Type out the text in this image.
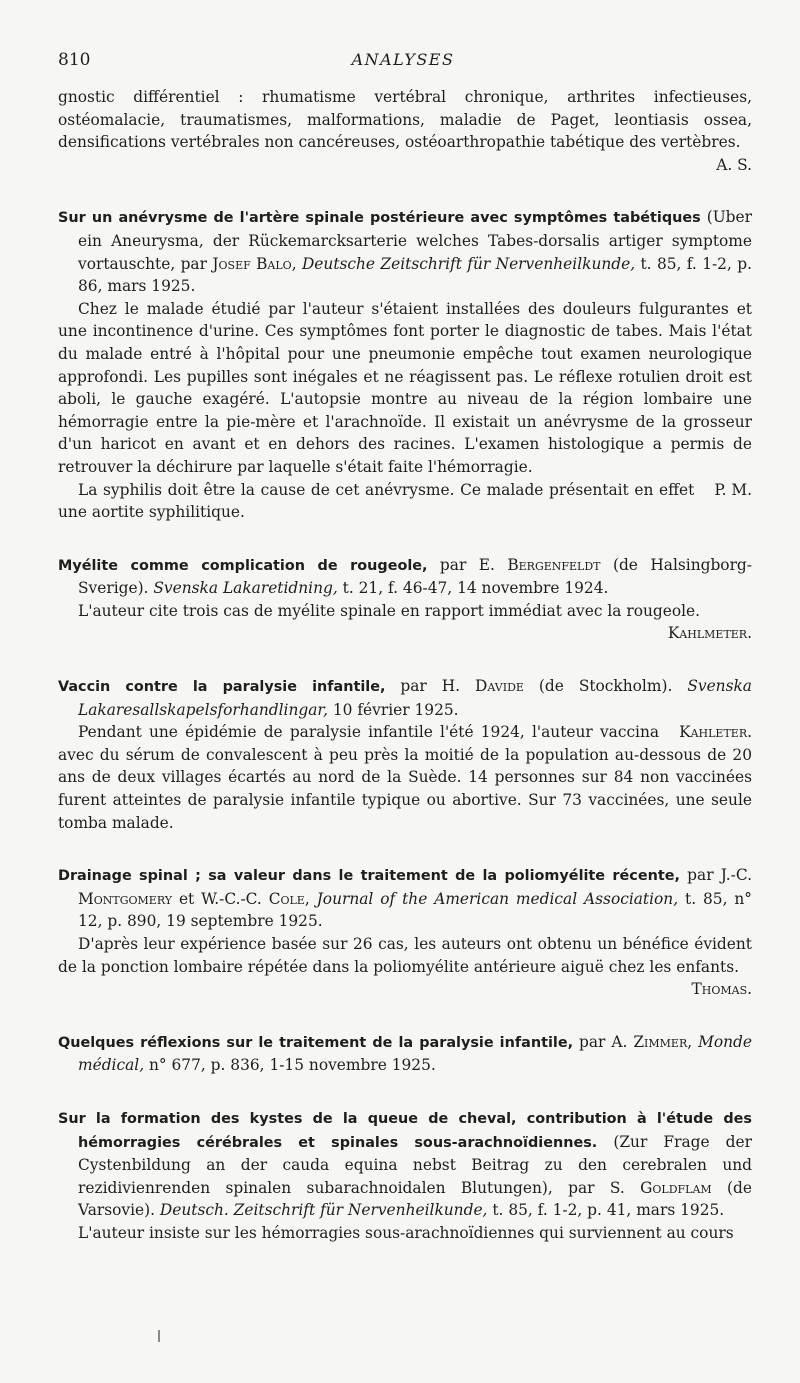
810	ANALYSES

gnostic différentiel : rhumatisme vertébral chronique, arthrites infectieuses, ostéomalacie, traumatismes, malformations, maladie de Paget, leontiasis ossea, densifications vertébrales non cancéreuses, ostéoarthropathie tabétique des vertèbres.

A. S.

Sur un anévrysme de l'artère spinale postérieure avec symptômes tabétiques (Uber ein Aneurysma, der Rückemarcksarterie welches Tabes-dorsalis artiger symptome vortauschte, par Josef Balo, Deutsche Zeitschrift für Nervenheilkunde, t. 85, f. 1-2, p. 86, mars 1925.

Chez le malade étudié par l'auteur s'étaient installées des douleurs fulgurantes et une incontinence d'urine. Ces symptômes font porter le diagnostic de tabes. Mais l'état du malade entré à l'hôpital pour une pneumonie empêche tout examen neurologique approfondi. Les pupilles sont inégales et ne réagissent pas. Le réflexe rotulien droit est aboli, le gauche exagéré. L'autopsie montre au niveau de la région lombaire une hémorragie entre la pie-mère et l'arachnoïde. Il existait un anévrysme de la grosseur d'un haricot en avant et en dehors des racines. L'examen histologique a permis de retrouver la déchirure par laquelle s'était faite l'hémorragie.

P. M.
La syphilis doit être la cause de cet anévrysme. Ce malade présentait en effet une aortite syphilitique.

Myélite comme complication de rougeole, par E. Bergenfeldt (de Halsingborg-Sverige). Svenska Lakaretidning, t. 21, f. 46-47, 14 novembre 1924.

L'auteur cite trois cas de myélite spinale en rapport immédiat avec la rougeole.

Kahlmeter.

Vaccin contre la paralysie infantile, par H. Davide (de Stockholm). Svenska Lakaresallskapelsforhandlingar, 10 février 1925.

Kahleter.
Pendant une épidémie de paralysie infantile l'été 1924, l'auteur vaccina avec du sérum de convalescent à peu près la moitié de la population au-dessous de 20 ans de deux villages écartés au nord de la Suède. 14 personnes sur 84 non vaccinées furent atteintes de paralysie infantile typique ou abortive. Sur 73 vaccinées, une seule tomba malade.

Drainage spinal ; sa valeur dans le traitement de la poliomyélite récente, par J.-C. Montgomery et W.-C.-C. Cole, Journal of the American medical Association, t. 85, n° 12, p. 890, 19 septembre 1925.

D'après leur expérience basée sur 26 cas, les auteurs ont obtenu un bénéfice évident de la ponction lombaire répétée dans la poliomyélite antérieure aiguë chez les enfants.

Thomas.

Quelques réflexions sur le traitement de la paralysie infantile, par A. Zimmer, Monde médical, n° 677, p. 836, 1-15 novembre 1925.

Sur la formation des kystes de la queue de cheval, contribution à l'étude des hémorragies cérébrales et spinales sous-arachnoïdiennes. (Zur Frage der Cystenbildung an der cauda equina nebst Beitrag zu den cerebralen und rezidivienrenden spinalen subarachnoidalen Blutungen), par S. Goldflam (de Varsovie). Deutsch. Zeitschrift für Nervenheilkunde, t. 85, f. 1-2, p. 41, mars 1925.

L'auteur insiste sur les hémorragies sous-arachnoïdiennes qui surviennent au cours
